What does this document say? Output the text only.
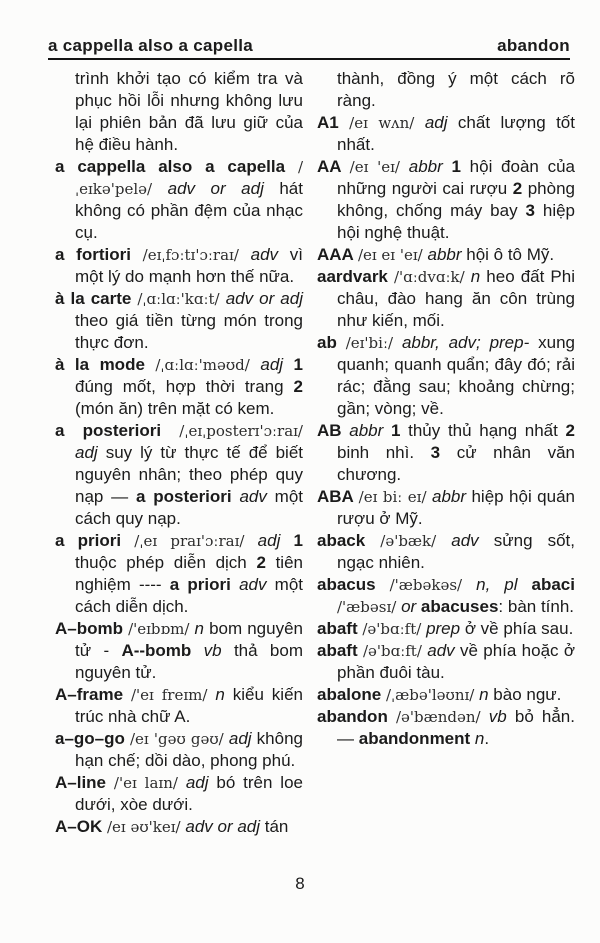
a cappella also a capella	abandon

trình khởi tạo có kiểm tra và phục hồi lỗi nhưng không lưu lại phiên bản đã lưu giữ của hệ điều hành.

a cappella also a capella /ˌeɪkə'pelə/ adv or adj hát không có phần đệm của nhạc cụ.

a fortiori /eɪˌfɔːtɪ'ɔːraɪ/ adv vì một lý do mạnh hơn thế nữa.

à la carte /ˌɑːlɑː'kɑːt/ adv or adj theo giá tiền từng món trong thực đơn.

à la mode /ˌɑːlɑː'məʊd/ adj 1 đúng mốt, hợp thời trang 2 (món ăn) trên mặt có kem.

a posteriori /ˌeɪˌposterɪ'ɔːraɪ/ adj suy lý từ thực tế để biết nguyên nhân; theo phép quy nạp — a posteriori adv một cách quy nạp.

a priori /ˌeɪ praɪ'ɔːraɪ/ adj 1 thuộc phép diễn dịch 2 tiên nghiệm ---- a priori adv một cách diễn dịch.

A–bomb /'eɪbɒm/ n bom nguyên tử - A--bomb vb thả bom nguyên tử.

A–frame /'eɪ freɪm/ n kiểu kiến trúc nhà chữ A.

a–go–go /eɪ 'gəʊ gəʊ/ adj không hạn chế; dồi dào, phong phú.

A–line /'eɪ laɪn/ adj bó trên loe dưới, xòe dưới.

A–OK /eɪ əʊ'keɪ/ adv or adj tán

thành, đồng ý một cách rõ ràng.

A1 /eɪ wʌn/ adj chất lượng tốt nhất.

AA /eɪ 'eɪ/ abbr 1 hội đoàn của những người cai rượu 2 phòng không, chống máy bay 3 hiệp hội nghệ thuật.

AAA /eɪ eɪ 'eɪ/ abbr hội ô tô Mỹ.

aardvark /'ɑːdvɑːk/ n heo đất Phi châu, đào hang ăn côn trùng như kiến, mối.

ab /eɪ'biː/ abbr, adv; prep- xung quanh; quanh quẩn; đây đó; rải rác; đằng sau; khoảng chừng; gần; vòng; về.

AB abbr 1 thủy thủ hạng nhất 2 binh nhì. 3 cử nhân văn chương.

ABA /eɪ biː eɪ/ abbr hiệp hội quán rượu ở Mỹ.

aback /ə'bæk/ adv sửng sốt, ngạc nhiên.

abacus /'æbəkəs/ n, pl abaci /'æbəsɪ/ or abacuses: bàn tính.

abaft /ə'bɑːft/ prep ở về phía sau.

abaft /ə'bɑːft/ adv về phía hoặc ở phần đuôi tàu.

abalone /ˌæbə'ləʊnɪ/ n bào ngư.

abandon /ə'bændən/ vb bỏ hẳn. — abandonment n.

8
